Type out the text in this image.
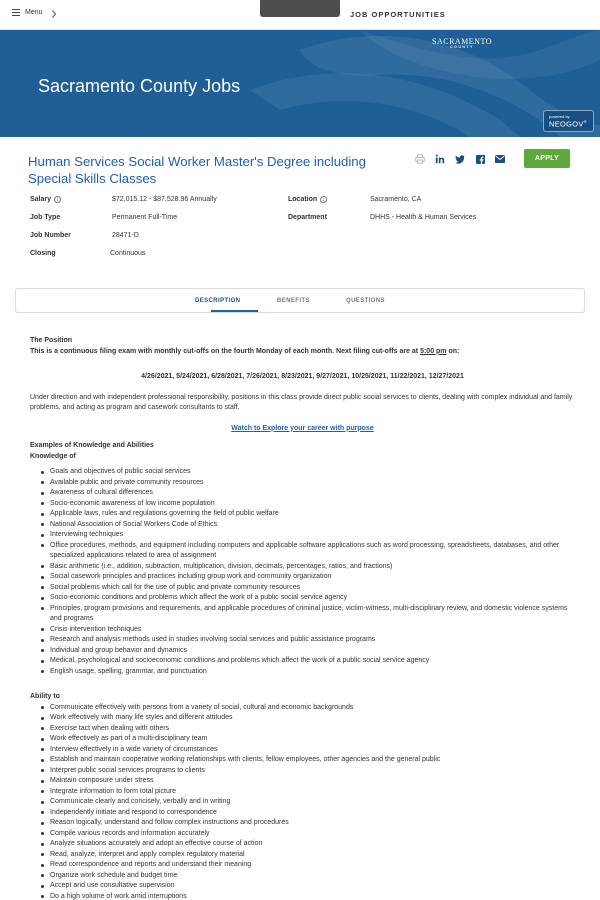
Menu	JOB OPPORTUNITIES
SACRAMENTO
COUNTY
Sacramento County Jobs
powered by
NEOGOV®
Human Services Social Worker Master's Degree including Special Skills Classes
APPLY
Salary	i	$72,015.12 - $87,528.96 Annually	Location	i	Sacramento, CA
Job Type	Permanent Full-Time	Department	DHHS - Health & Human Services
Job Number	28471-D
Closing	Continuous
DESCRIPTION	BENEFITS	QUESTIONS
The Position
This is a continuous filing exam with monthly cut-offs on the fourth Monday of each month. Next filing cut-offs are at 5:00 pm on:
4/26/2021, 5/24/2021, 6/28/2021, 7/26/2021, 8/23/2021, 9/27/2021, 10/25/2021, 11/22/2021, 12/27/2021
Under direction and with independent professional responsibility, positions in this class provide direct public social services to clients, dealing with complex individual and family problems, and acting as program and casework consultants to staff.
Watch to Explore your career with purpose
Examples of Knowledge and Abilities
Knowledge of
Goals and objectives of public social services
Available public and private community resources
Awareness of cultural differences
Socio-economic awareness of low income population
Applicable laws, rules and regulations governing the field of public welfare
National Association of Social Workers Code of Ethics
Interviewing techniques
Office procedures, methods, and equipment including computers and applicable software applications such as word processing, spreadsheets, databases, and other specialized applications related to area of assignment
Basic arithmetic (i.e., addition, subtraction, multiplication, division, decimals, percentages, ratios, and fractions)
Social casework principles and practices including group work and community organization
Social problems which call for the use of public and private community resources
Socio-economic conditions and problems which affect the work of a public social service agency
Principles, program provisions and requirements, and applicable procedures of criminal justice, victim-witness, multi-disciplinary review, and domestic violence systems and programs
Crisis intervention techniques
Research and analysis methods used in studies involving social services and public assistance programs
Individual and group behavior and dynamics
Medical, psychological and socioeconomic conditions and problems which affect the work of a public social service agency
English usage, spelling, grammar, and punctuation
Ability to
Communicate effectively with persons from a variety of social, cultural and economic backgrounds
Work effectively with many life styles and different attitudes
Exercise tact when dealing with others
Work effectively as part of a multi-disciplinary team
Interview effectively in a wide variety of circumstances
Establish and maintain cooperative working relationships with clients, fellow employees, other agencies and the general public
Interpret public social services programs to clients
Maintain composure under stress
Integrate information to form total picture
Communicate clearly and concisely, verbally and in writing
Independently initiate and respond to correspondence
Reason logically, understand and follow complex instructions and procedures
Compile various records and information accurately
Analyze situations accurately and adopt an effective course of action
Read, analyze, interpret and apply complex regulatory material
Read correspondence and reports and understand their meaning
Organize work schedule and budget time
Accept and use consultative supervision
Do a high volume of work amid interruptions
